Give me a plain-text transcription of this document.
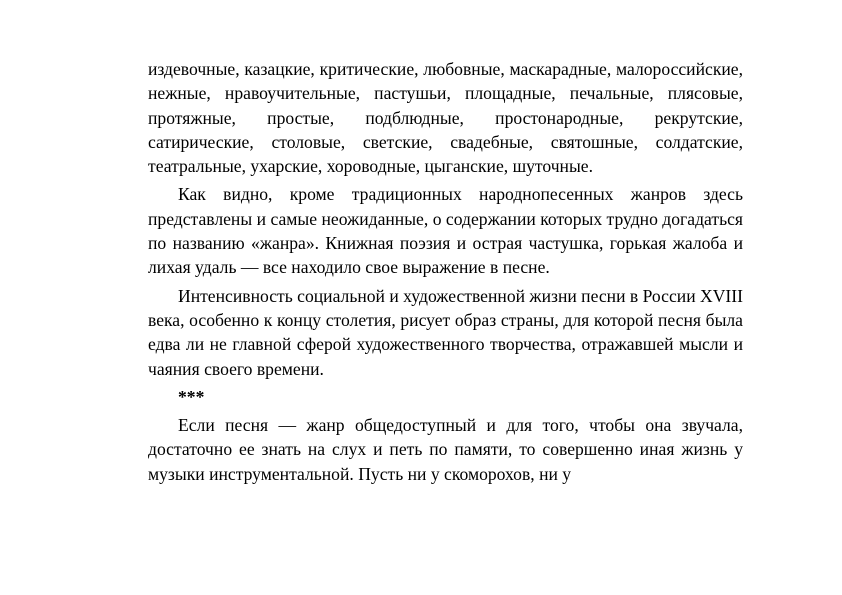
издевочные, казацкие, критические, любовные, маскарадные, малороссийские, нежные, нравоучительные, пастушьи, площадные, печальные, плясовые, протяжные, простые, подблюдные, простонародные, рекрутские, сатирические, столовые, светские, свадебные, святошные, солдатские, театральные, ухарские, хороводные, цыганские, шуточные.

Как видно, кроме традиционных народнопесенных жанров здесь представлены и самые неожиданные, о содержании которых трудно догадаться по названию «жанра». Книжная поэзия и острая частушка, горькая жалоба и лихая удаль — все находило свое выражение в песне.

Интенсивность социальной и художественной жизни песни в России XVIII века, особенно к концу столетия, рисует образ страны, для которой песня была едва ли не главной сферой художественного творчества, отражавшей мысли и чаяния своего времени.

***

Если песня — жанр общедоступный и для того, чтобы она звучала, достаточно ее знать на слух и петь по памяти, то совершенно иная жизнь у музыки инструментальной. Пусть ни у скоморохов, ни у
